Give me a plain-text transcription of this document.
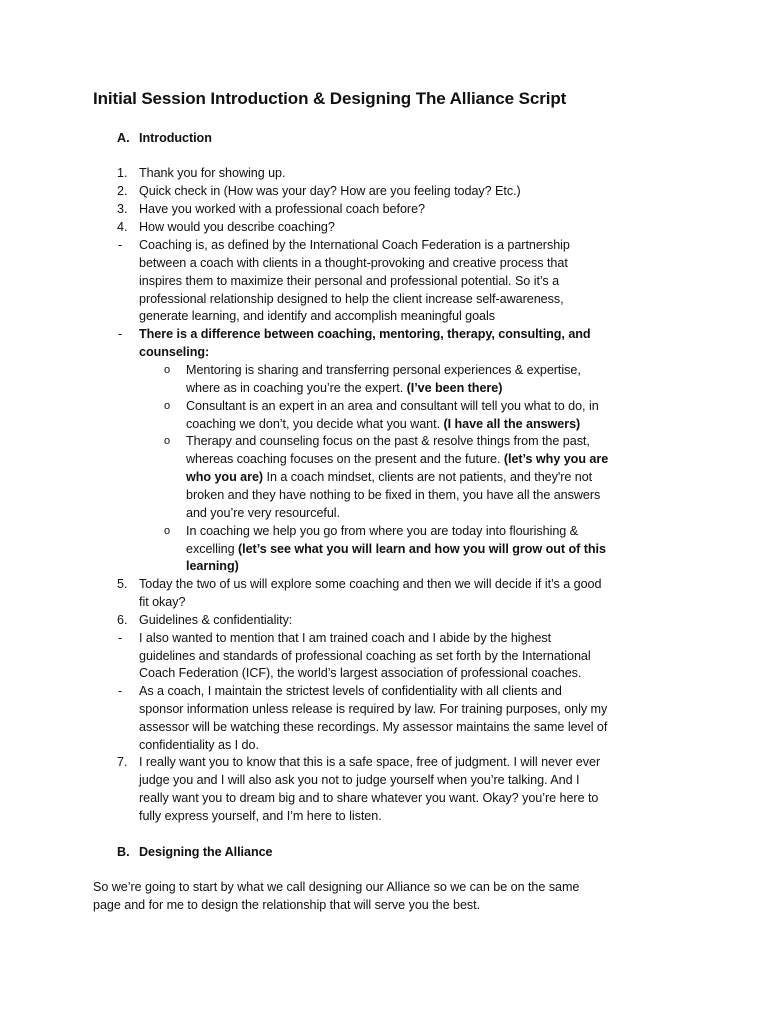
Initial Session Introduction & Designing The Alliance Script
A. Introduction
1. Thank you for showing up.
2. Quick check in (How was your day? How are you feeling today? Etc.)
3. Have you worked with a professional coach before?
4. How would you describe coaching?
- Coaching is, as defined by the International Coach Federation is a partnership
between a coach with clients in a thought-provoking and creative process that
inspires them to maximize their personal and professional potential. So it’s a
professional relationship designed to help the client increase self-awareness,
generate learning, and identify and accomplish meaningful goals
- There is a difference between coaching, mentoring, therapy, consulting, and
counseling:
o Mentoring is sharing and transferring personal experiences & expertise,
where as in coaching you’re the expert. (I’ve been there)
o Consultant is an expert in an area and consultant will tell you what to do, in
coaching we don’t, you decide what you want. (I have all the answers)
o Therapy and counseling focus on the past & resolve things from the past,
whereas coaching focuses on the present and the future. (let’s why you are
who you are) In a coach mindset, clients are not patients, and they're not
broken and they have nothing to be fixed in them, you have all the answers
and you’re very resourceful.
o In coaching we help you go from where you are today into flourishing &
excelling (let’s see what you will learn and how you will grow out of this
learning)
5. Today the two of us will explore some coaching and then we will decide if it’s a good
fit okay?
6. Guidelines & confidentiality:
- I also wanted to mention that I am trained coach and I abide by the highest
guidelines and standards of professional coaching as set forth by the International
Coach Federation (ICF), the world’s largest association of professional coaches.
- As a coach, I maintain the strictest levels of confidentiality with all clients and
sponsor information unless release is required by law. For training purposes, only my
assessor will be watching these recordings. My assessor maintains the same level of
confidentiality as I do.
7. I really want you to know that this is a safe space, free of judgment. I will never ever
judge you and I will also ask you not to judge yourself when you’re talking. And I
really want you to dream big and to share whatever you want. Okay? you’re here to
fully express yourself, and I’m here to listen.
B. Designing the Alliance
So we’re going to start by what we call designing our Alliance so we can be on the same
page and for me to design the relationship that will serve you the best.
